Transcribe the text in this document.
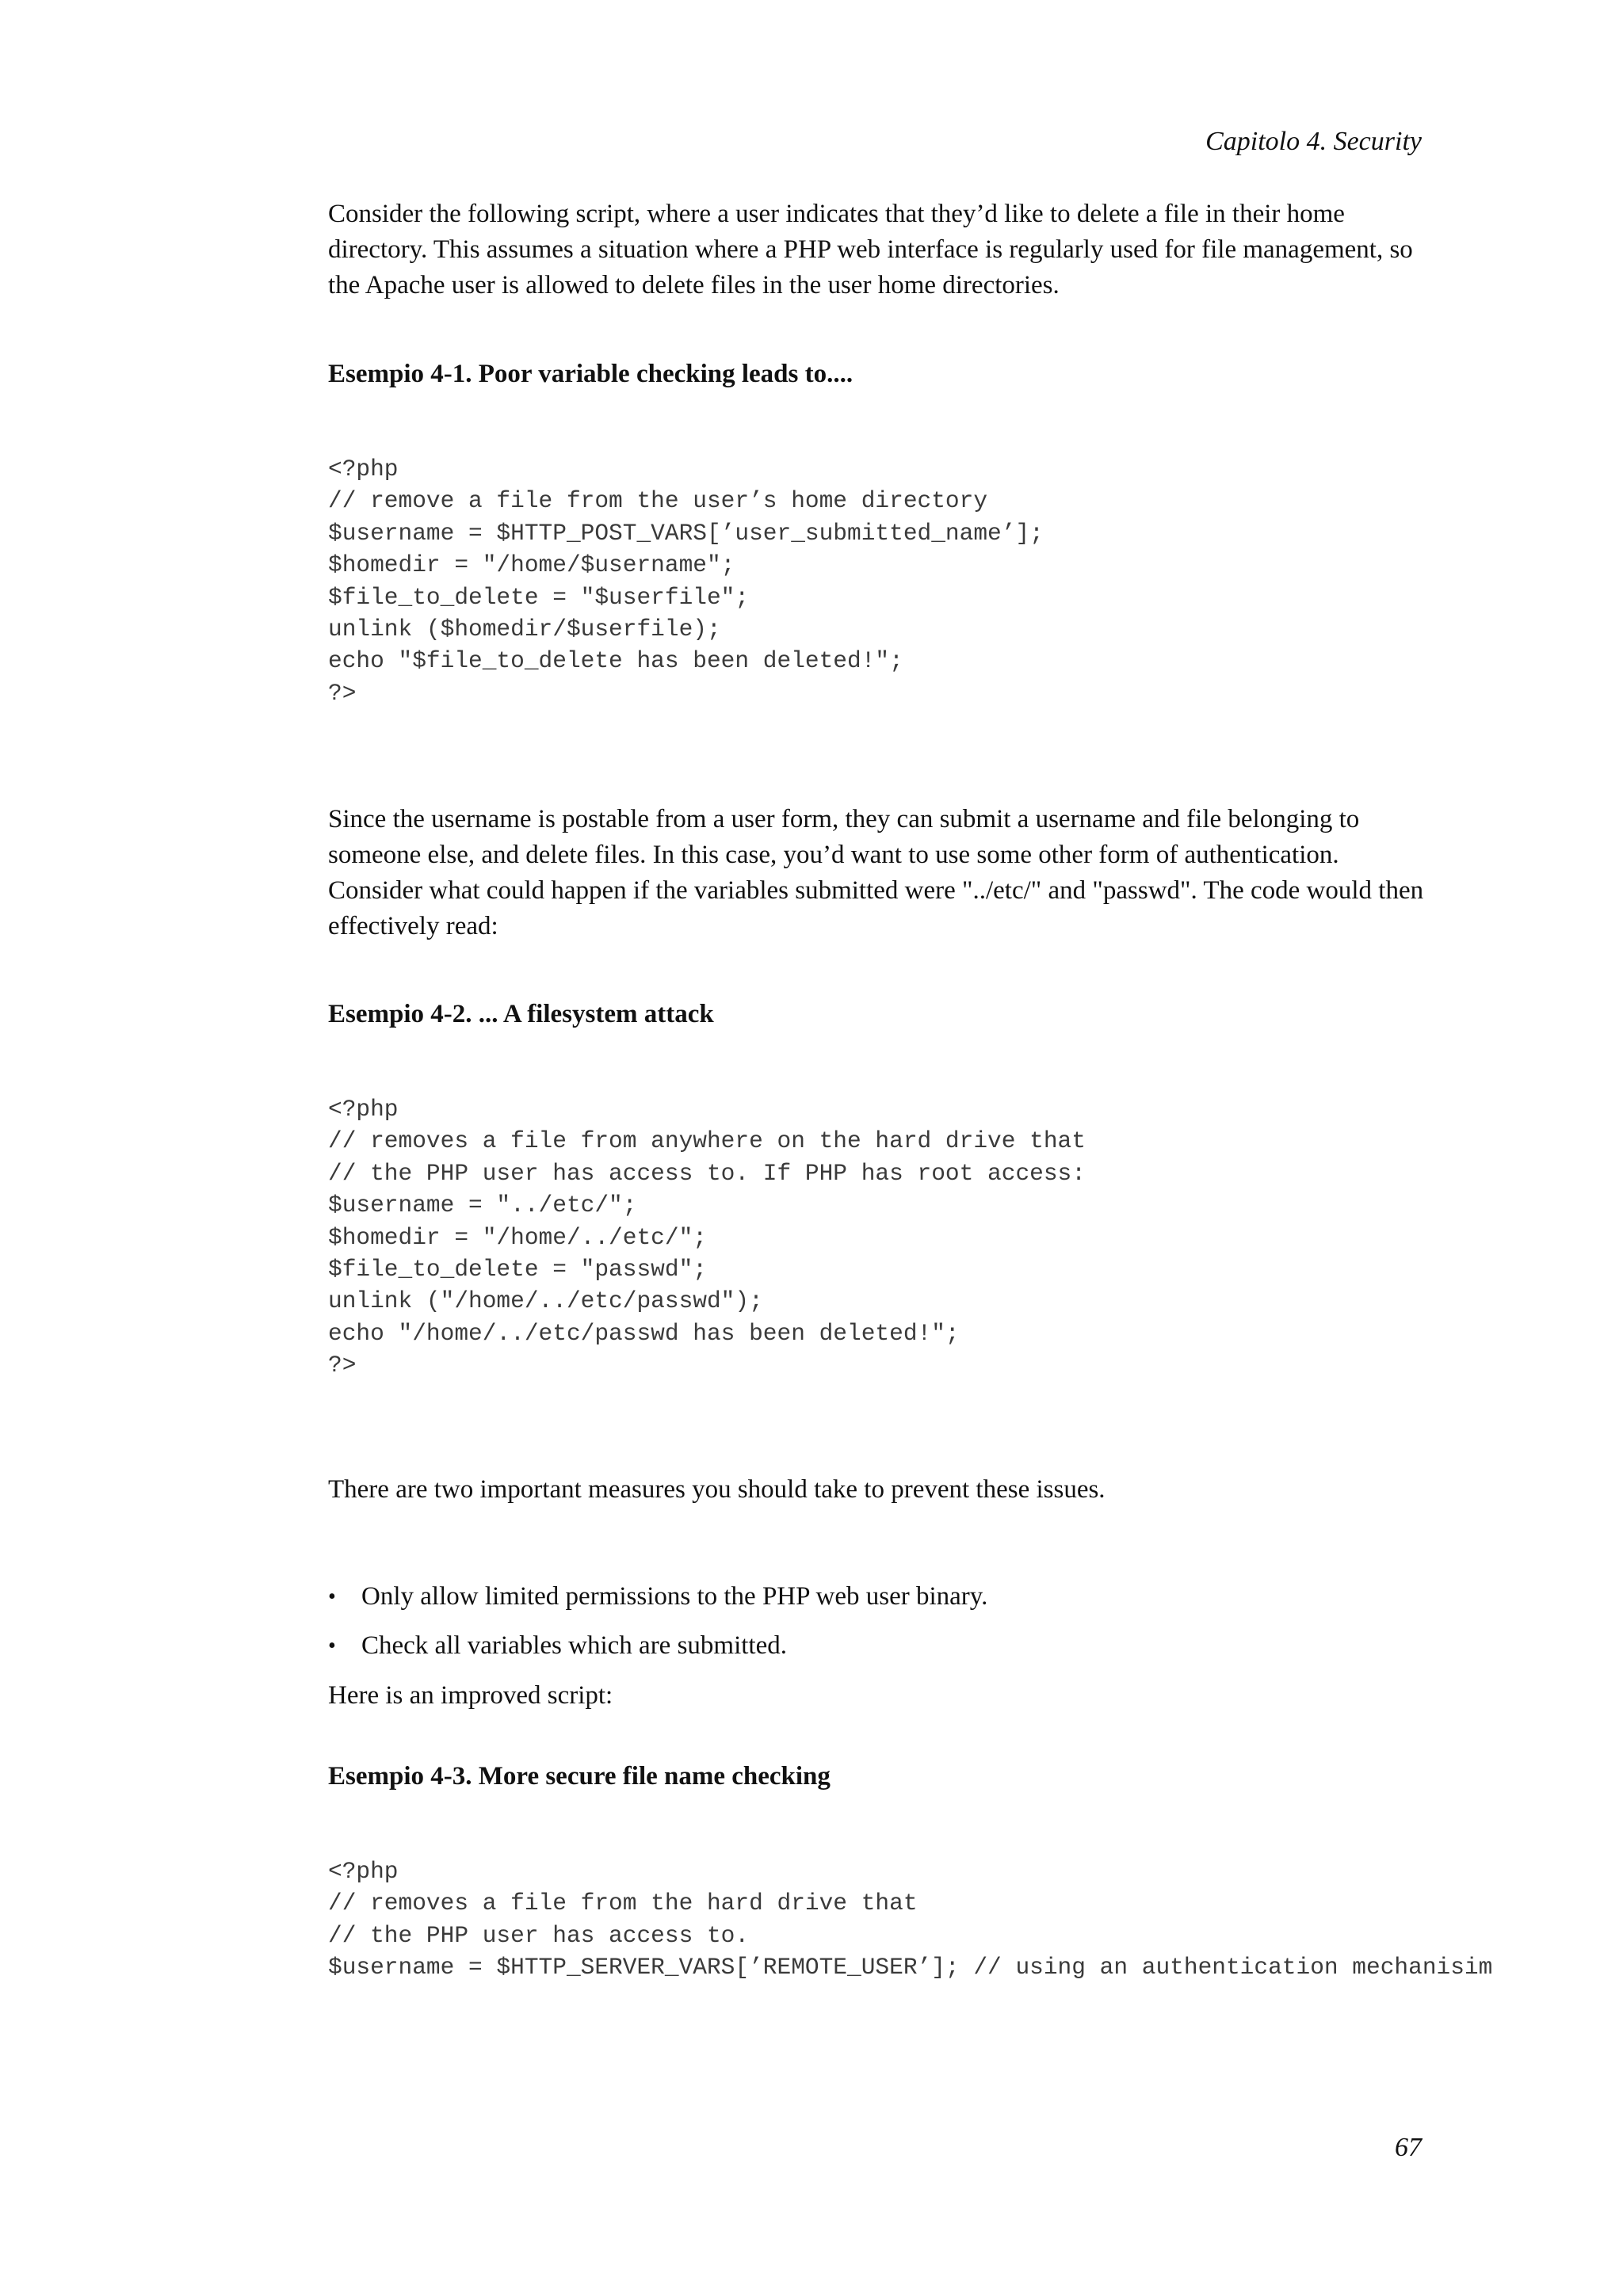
Capitolo 4. Security

Consider the following script, where a user indicates that they’d like to delete a file in their home directory. This assumes a situation where a PHP web interface is regularly used for file management, so the Apache user is allowed to delete files in the user home directories.

Esempio 4-1. Poor variable checking leads to....

<?php
// remove a file from the user’s home directory
$username = $HTTP_POST_VARS[’user_submitted_name’];
$homedir = "/home/$username";
$file_to_delete = "$userfile";
unlink ($homedir/$userfile);
echo "$file_to_delete has been deleted!";
?>

Since the username is postable from a user form, they can submit a username and file belonging to someone else, and delete files. In this case, you’d want to use some other form of authentication. Consider what could happen if the variables submitted were "../etc/" and "passwd". The code would then effectively read:

Esempio 4-2. ... A filesystem attack

<?php
// removes a file from anywhere on the hard drive that
// the PHP user has access to. If PHP has root access:
$username = "../etc/";
$homedir = "/home/../etc/";
$file_to_delete = "passwd";
unlink ("/home/../etc/passwd");
echo "/home/../etc/passwd has been deleted!";
?>

There are two important measures you should take to prevent these issues.

• Only allow limited permissions to the PHP web user binary.
• Check all variables which are submitted.

Here is an improved script:

Esempio 4-3. More secure file name checking

<?php
// removes a file from the hard drive that
// the PHP user has access to.
$username = $HTTP_SERVER_VARS[’REMOTE_USER’]; // using an authentication mechanisim
67
